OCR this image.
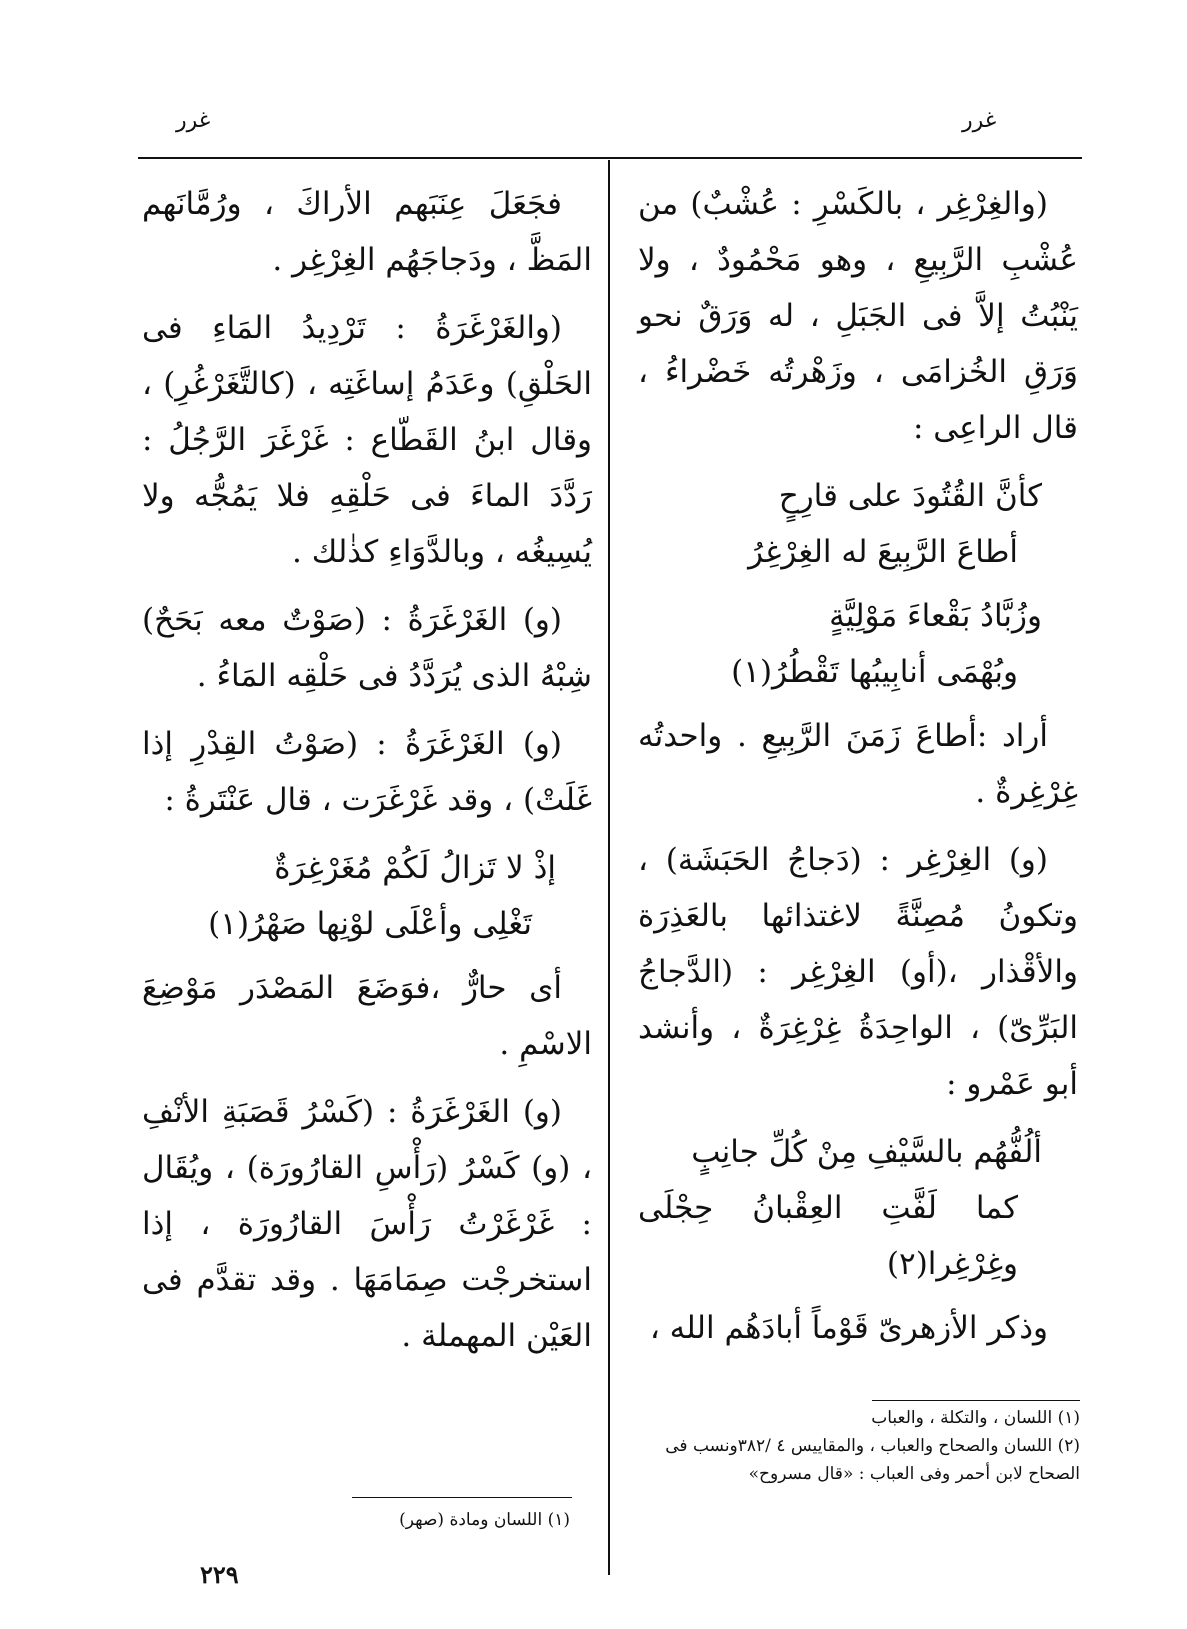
غرر
غرر

(والغِرْغِر ، بالكَسْرِ : عُشْبٌ) من عُشْبِ الرَّبِيعِ ، وهو مَحْمُودٌ ، ولا يَنْبُتُ إلاَّ فى الجَبَلِ ، له وَرَقٌ نحو وَرَقِ الخُزامَى ، وزَهْرتُه خَضْراءُ ، قال الراعِى :

كأنَّ القُتُودَ على قارِحٍ
أطاعَ الرَّبِيعَ له الغِرْغِرُ
وزُبَّادُ بَقْعاءَ مَوْلِيَّةٍ
وبُهْمَى أنابِيبُها تَقْطُرُ(١)

أراد :أطاعَ زَمَنَ الرَّبِيعِ . واحدتُه غِرْغِرةٌ .

(و) الغِرْغِر : (دَجاجُ الحَبَشَة) ، وتكونُ مُصِنَّةً لاغتذائها بالعَذِرَة والأقْذار ،(أو) الغِرْغِر : (الدَّجاجُ البَرِّىّ) ، الواحِدَةُ غِرْغِرَةٌ ، وأنشد أبو عَمْرو :

ألُفُّهُم بالسَّيْفِ مِنْ كُلِّ جانِبٍ
كما لَفَّتِ العِقْبانُ حِجْلَى وغِرْغِرا(٢)

وذكر الأزهرىّ قَوْماً أبادَهُم الله ،

(١) اللسان ، والتكلة ، والعباب
(٢) اللسان والصحاح والعباب ، والمقاييس ٤ /٣٨٢ونسب فى الصحاح لابن أحمر وفى العباب : «قال مسروح»

فجَعَلَ عِنَبَهم الأراكَ ، ورُمَّانَهم المَظَّ ، ودَجاجَهُم الغِرْغِر .

(والغَرْغَرَةُ : تَرْدِيدُ المَاءِ فى الحَلْقِ) وعَدَمُ إساغَتِه ، (كالتَّغَرْغُرِ) ، وقال ابنُ القَطّاع : غَرْغَرَ الرَّجُلُ : رَدَّدَ الماءَ فى حَلْقِهِ فلا يَمُجُّه ولا يُسِيغُه ، وبالدَّوَاءِ كذٰلك .

(و) الغَرْغَرَةُ : (صَوْتٌ معه بَحَحٌ) شِبْهُ الذى يُرَدَّدُ فى حَلْقِه المَاءُ .

(و) الغَرْغَرَةُ : (صَوْتُ القِدْرِ إذا غَلَتْ) ، وقد غَرْغَرَت ، قال عَنْتَرةُ :

إذْ لا تَزالُ لَكُمْ مُغَرْغِرَةٌ
تَغْلِى وأعْلَى لوْنِها صَهْرُ(١)

أى حارٌّ ،فوَضَعَ المَصْدَر مَوْضِعَ الاسْمِ .

(و) الغَرْغَرَةُ : (كَسْرُ قَصَبَةِ الأنْفِ ، (و) كَسْرُ (رَأْسِ القارُورَة) ، ويُقَال : غَرْغَرْتُ رَأْسَ القارُورَة ، إذا استخرجْت صِمَامَهَا . وقد تقدَّم فى العَيْن المهملة .

(١) اللسان ومادة (صهر)
٢٢٩
